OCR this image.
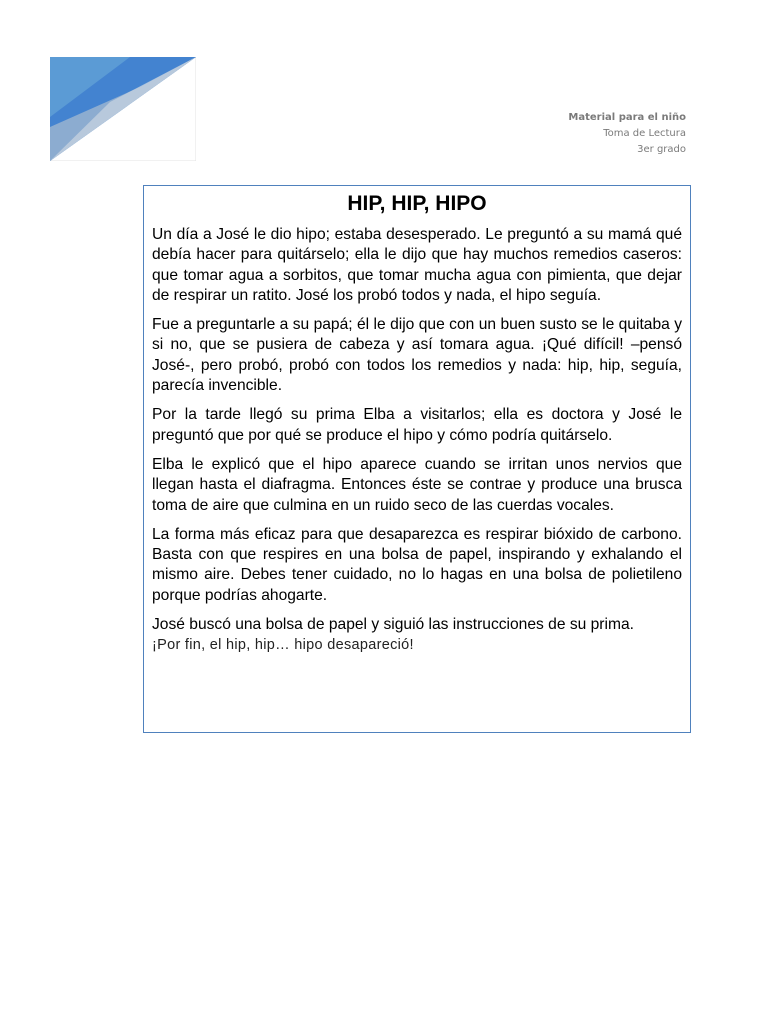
Material para el niño
Toma de Lectura
3er grado
HIP, HIP, HIPO

Un día a José le dio hipo; estaba desesperado. Le preguntó a su mamá qué debía hacer para quitárselo; ella le dijo que hay muchos remedios caseros: que tomar agua a sorbitos, que tomar mucha agua con pimienta, que dejar de respirar un ratito. José los probó todos y nada, el hipo seguía.

Fue a preguntarle a su papá; él le dijo que con un buen susto se le quitaba y si no, que se pusiera de cabeza y así tomara agua. ¡Qué difícil! –pensó José-, pero probó, probó con todos los remedios y nada: hip, hip, seguía, parecía invencible.

Por la tarde llegó su prima Elba a visitarlos; ella es doctora y José le preguntó que por qué se produce el hipo y cómo podría quitárselo.

Elba le explicó que el hipo aparece cuando se irritan unos nervios que llegan hasta el diafragma. Entonces éste se contrae y produce una brusca toma de aire que culmina en un ruido seco de las cuerdas vocales.

La forma más eficaz para que desaparezca es respirar bióxido de carbono. Basta con que respires en una bolsa de papel, inspirando y exhalando el mismo aire. Debes tener cuidado, no lo hagas en una bolsa de polietileno porque podrías ahogarte.

José buscó una bolsa de papel y siguió las instrucciones de su prima.
¡Por fin, el hip, hip… hipo desapareció!
